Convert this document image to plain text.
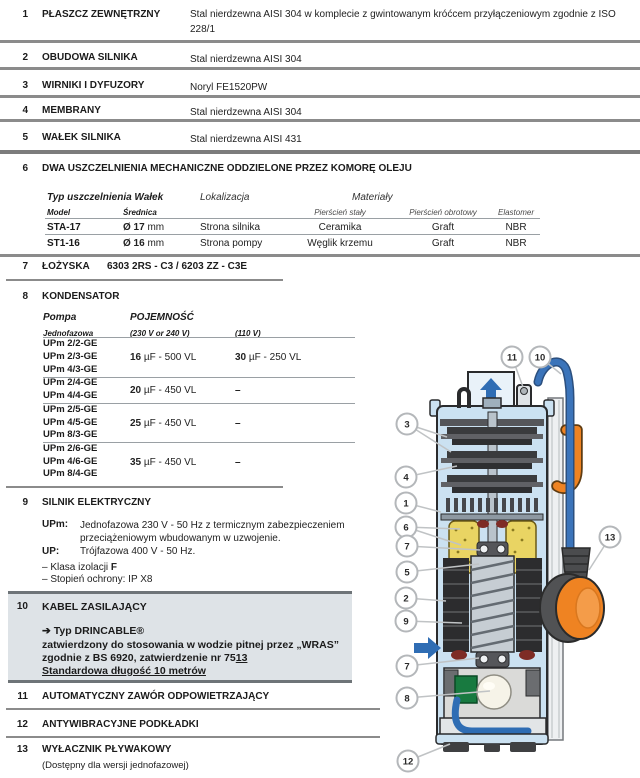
1 PŁASZCZ ZEWNĘTRZNY	Stal nierdzewna AISI 304 w komplecie z gwintowanym króćcem przyłączeniowym zgodnie z ISO 228/1
2 OBUDOWA SILNIKA	Stal nierdzewna AISI 304
3 WIRNIKI I DYFUZORY	Noryl FE1520PW
4 MEMBRANY	Stal nierdzewna AISI 304
5 WAŁEK SILNIKA	Stal nierdzewna AISI 431
6 DWA USZCZELNIENIA MECHANICZNE ODDZIELONE PRZEZ KOMORĘ OLEJU
Typ uszczelnienia Wałek	Lokalizacja	Materiały
Model	Średnica	Pierścień stały	Pierścień obrotowy	Elastomer
STA-17	Ø 17 mm	Strona silnika	Ceramika	Graft	NBR
ST1-16	Ø 16 mm	Strona pompy	Węglik krzemu	Graft	NBR
7 ŁOŻYSKA 6303 2RS - C3 / 6203 ZZ - C3E
8 KONDENSATOR
Pompa	POJEMNOŚĆ
Jednofazowa	(230 V or 240 V)	(110 V)
UPm 2/2-GE
UPm 2/3-GE
UPm 4/3-GE
16 µF - 500 VL	30 µF - 250 VL
UPm 2/4-GE
UPm 4/4-GE	20 µF - 450 VL	–
UPm 2/5-GE
UPm 4/5-GE
UPm 8/3-GE
25 µF - 450 VL	–
UPm 2/6-GE
UPm 4/6-GE
UPm 8/4-GE
35 µF - 450 VL	–
9 SILNIK ELEKTRYCZNY
UPm: Jednofazowa 230 V - 50 Hz z termicznym zabezpieczeniem przeciążeniowym wbudowanym w uzwojenie.
UP: Trójfazowa 400 V - 50 Hz.
– Klasa izolacji F
– Stopień ochrony: IP X8
10 KABEL ZASILAJĄCY
➔ Typ DRINCABLE®
zatwierdzony do stosowania w wodzie pitnej przez „WRAS”
zgodnie z BS 6920, zatwierdzenie nr 7513
Standardowa długość 10 metrów
11 AUTOMATYCZNY ZAWÓR ODPOWIETRZAJĄCY
12 ANTYWIBRACYJNE PODKŁADKI
13 WYŁACZNIK PŁYWAKOWY
(Dostępny dla wersji jednofazowej)
11 10
3
4
1
6
7
5
2
9
7
8
12
13
